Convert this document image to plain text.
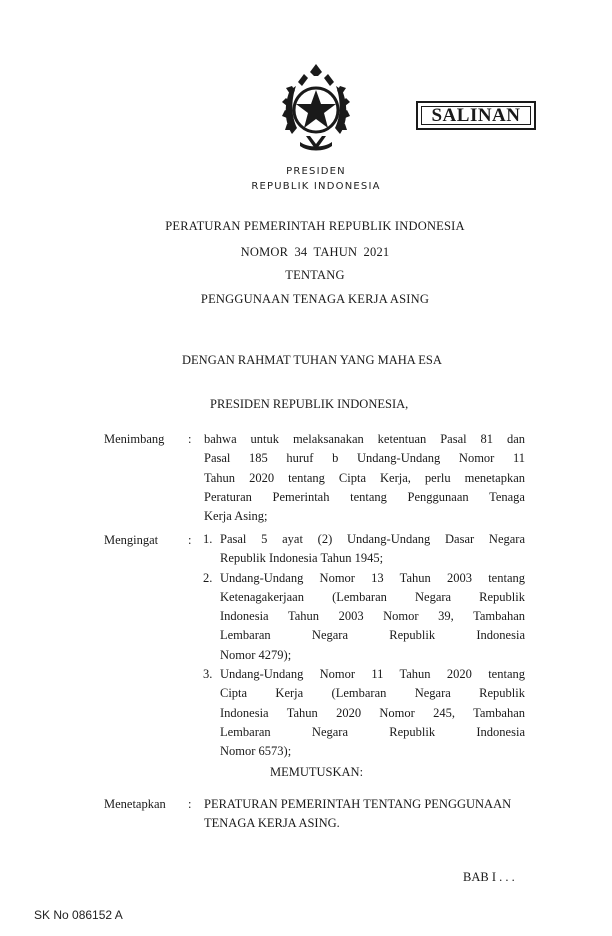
SALINAN
PRESIDEN
REPUBLIK INDONESIA
PERATURAN PEMERINTAH REPUBLIK INDONESIA
NOMOR 34 TAHUN 2021
TENTANG
PENGGUNAAN TENAGA KERJA ASING
DENGAN RAHMAT TUHAN YANG MAHA ESA
PRESIDEN REPUBLIK INDONESIA,
Menimbang : bahwa untuk melaksanakan ketentuan Pasal 81 dan
Pasal 185 huruf b Undang-Undang Nomor 11
Tahun 2020 tentang Cipta Kerja, perlu menetapkan
Peraturan Pemerintah tentang Penggunaan Tenaga
Kerja Asing;
Mengingat : 1. Pasal 5 ayat (2) Undang-Undang Dasar Negara
Republik Indonesia Tahun 1945;
2. Undang-Undang Nomor 13 Tahun 2003 tentang
Ketenagakerjaan (Lembaran Negara Republik
Indonesia Tahun 2003 Nomor 39, Tambahan
Lembaran Negara Republik Indonesia
Nomor 4279);
3. Undang-Undang Nomor 11 Tahun 2020 tentang
Cipta Kerja (Lembaran Negara Republik
Indonesia Tahun 2020 Nomor 245, Tambahan
Lembaran Negara Republik Indonesia
Nomor 6573);
MEMUTUSKAN:
Menetapkan : PERATURAN PEMERINTAH TENTANG PENGGUNAAN
TENAGA KERJA ASING.
BAB I . . .
SK No 086152 A
